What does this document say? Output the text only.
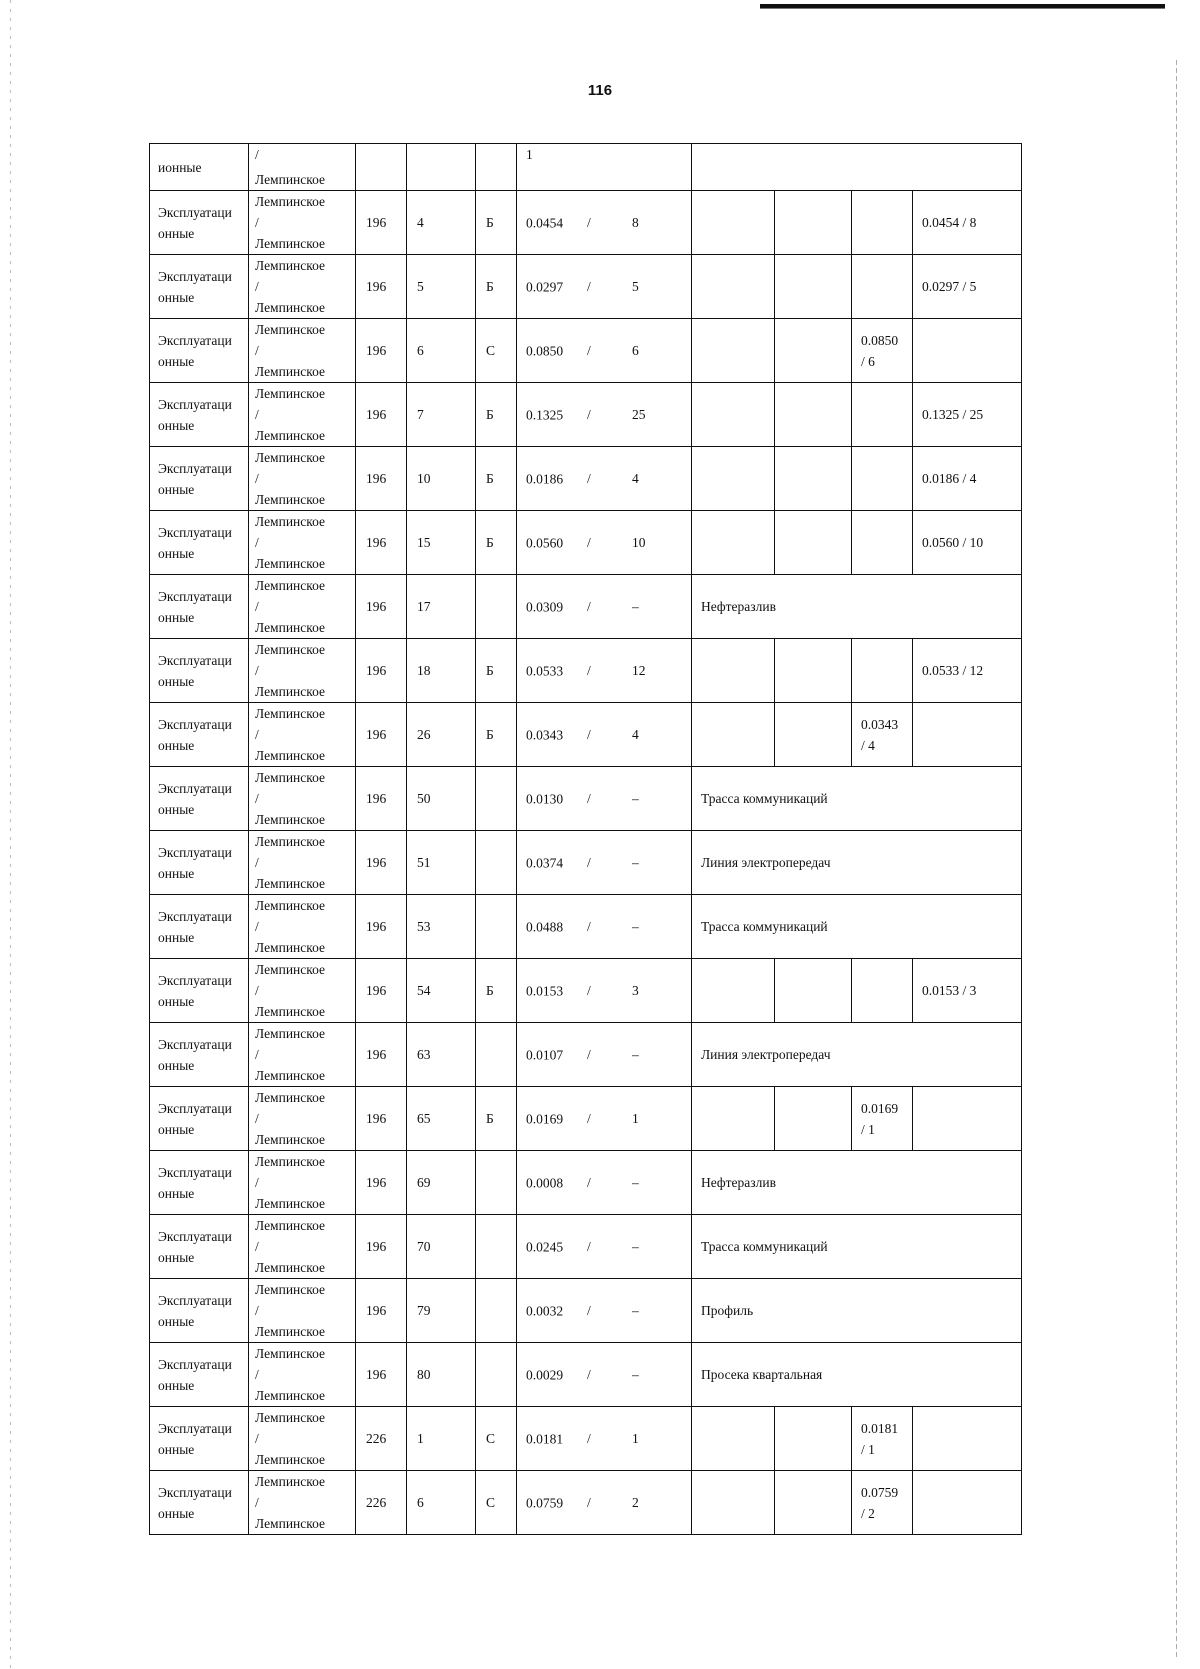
116
ионные	/
Лемпинское				1				

Эксплуатационные	Лемпинское
/
Лемпинское	196	4	Б	0.0454 / 8				0.0454 / 8

Эксплуатационные	Лемпинское
/
Лемпинское	196	5	Б	0.0297 / 5				0.0297 / 5

Эксплуатационные	Лемпинское
/
Лемпинское	196	6	С	0.0850 / 6			0.0850 / 6	

Эксплуатационные	Лемпинское
/
Лемпинское	196	7	Б	0.1325 / 25				0.1325 / 25

Эксплуатационные	Лемпинское
/
Лемпинское	196	10	Б	0.0186 / 4				0.0186 / 4

Эксплуатационные	Лемпинское
/
Лемпинское	196	15	Б	0.0560 / 10				0.0560 / 10

Эксплуатационные	Лемпинское
/
Лемпинское	196	17		0.0309 / –	Нефтеразлив			

Эксплуатационные	Лемпинское
/
Лемпинское	196	18	Б	0.0533 / 12				0.0533 / 12

Эксплуатационные	Лемпинское
/
Лемпинское	196	26	Б	0.0343 / 4			0.0343 / 4	

Эксплуатационные	Лемпинское
/
Лемпинское	196	50		0.0130 / –	Трасса коммуникаций			

Эксплуатационные	Лемпинское
/
Лемпинское	196	51		0.0374 / –	Линия электропередач			

Эксплуатационные	Лемпинское
/
Лемпинское	196	53		0.0488 / –	Трасса коммуникаций			

Эксплуатационные	Лемпинское
/
Лемпинское	196	54	Б	0.0153 / 3				0.0153 / 3

Эксплуатационные	Лемпинское
/
Лемпинское	196	63		0.0107 / –	Линия электропередач			

Эксплуатационные	Лемпинское
/
Лемпинское	196	65	Б	0.0169 / 1			0.0169 / 1	

Эксплуатационные	Лемпинское
/
Лемпинское	196	69		0.0008 / –	Нефтеразлив			

Эксплуатационные	Лемпинское
/
Лемпинское	196	70		0.0245 / –	Трасса коммуникаций			

Эксплуатационные	Лемпинское
/
Лемпинское	196	79		0.0032 / –	Профиль			

Эксплуатационные	Лемпинское
/
Лемпинское	196	80		0.0029 / –	Просека квартальная			

Эксплуатационные	Лемпинское
/
Лемпинское	226	1	С	0.0181 / 1			0.0181 / 1	

Эксплуатационные	Лемпинское
/
Лемпинское	226	6	С	0.0759 / 2			0.0759 / 2	
